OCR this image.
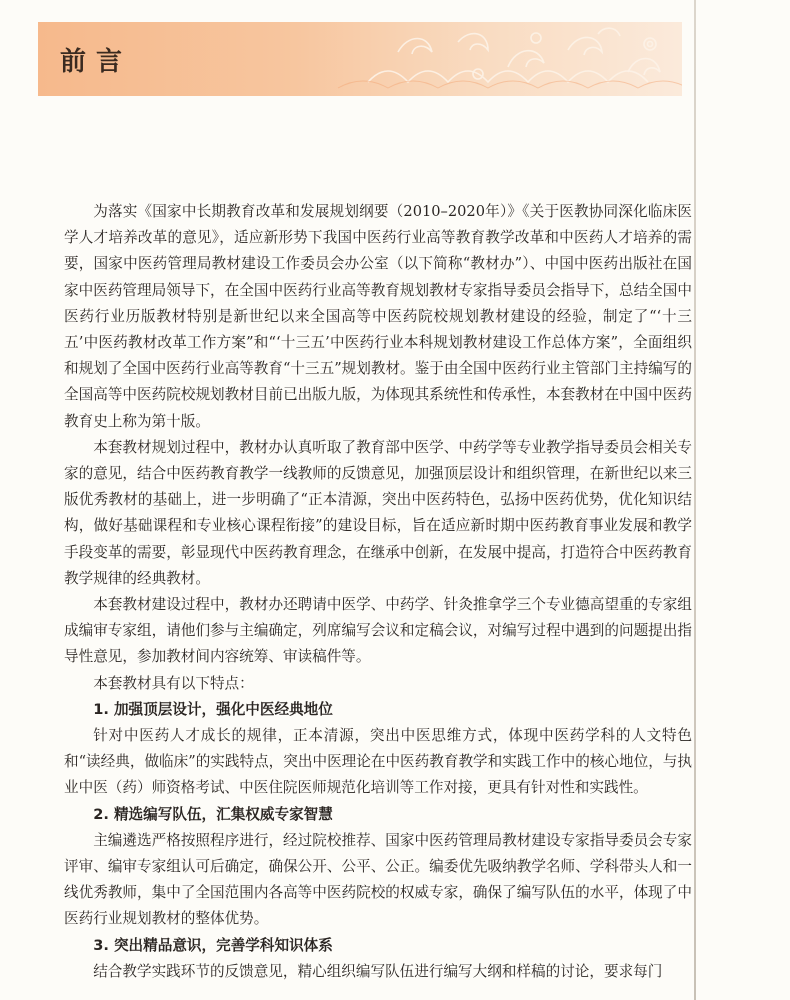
前言

为落实《国家中长期教育改革和发展规划纲要（2010–2020年）》《关于医教协同深化临床医学人才培养改革的意见》，适应新形势下我国中医药行业高等教育教学改革和中医药人才培养的需要，国家中医药管理局教材建设工作委员会办公室（以下简称“教材办”）、中国中医药出版社在国家中医药管理局领导下，在全国中医药行业高等教育规划教材专家指导委员会指导下，总结全国中医药行业历版教材特别是新世纪以来全国高等中医药院校规划教材建设的经验，制定了“‘十三五’中医药教材改革工作方案”和“‘十三五’中医药行业本科规划教材建设工作总体方案”，全面组织和规划了全国中医药行业高等教育“十三五”规划教材。鉴于由全国中医药行业主管部门主持编写的全国高等中医药院校规划教材目前已出版九版，为体现其系统性和传承性，本套教材在中国中医药教育史上称为第十版。

本套教材规划过程中，教材办认真听取了教育部中医学、中药学等专业教学指导委员会相关专家的意见，结合中医药教育教学一线教师的反馈意见，加强顶层设计和组织管理，在新世纪以来三版优秀教材的基础上，进一步明确了“正本清源，突出中医药特色，弘扬中医药优势，优化知识结构，做好基础课程和专业核心课程衔接”的建设目标，旨在适应新时期中医药教育事业发展和教学手段变革的需要，彰显现代中医药教育理念，在继承中创新，在发展中提高，打造符合中医药教育教学规律的经典教材。

本套教材建设过程中，教材办还聘请中医学、中药学、针灸推拿学三个专业德高望重的专家组成编审专家组，请他们参与主编确定，列席编写会议和定稿会议，对编写过程中遇到的问题提出指导性意见，参加教材间内容统筹、审读稿件等。

本套教材具有以下特点：

1. 加强顶层设计，强化中医经典地位

针对中医药人才成长的规律，正本清源，突出中医思维方式，体现中医药学科的人文特色和“读经典，做临床”的实践特点，突出中医理论在中医药教育教学和实践工作中的核心地位，与执业中医（药）师资格考试、中医住院医师规范化培训等工作对接，更具有针对性和实践性。

2. 精选编写队伍，汇集权威专家智慧

主编遴选严格按照程序进行，经过院校推荐、国家中医药管理局教材建设专家指导委员会专家评审、编审专家组认可后确定，确保公开、公平、公正。编委优先吸纳教学名师、学科带头人和一线优秀教师，集中了全国范围内各高等中医药院校的权威专家，确保了编写队伍的水平，体现了中医药行业规划教材的整体优势。

3. 突出精品意识，完善学科知识体系

结合教学实践环节的反馈意见，精心组织编写队伍进行编写大纲和样稿的讨论，要求每门
